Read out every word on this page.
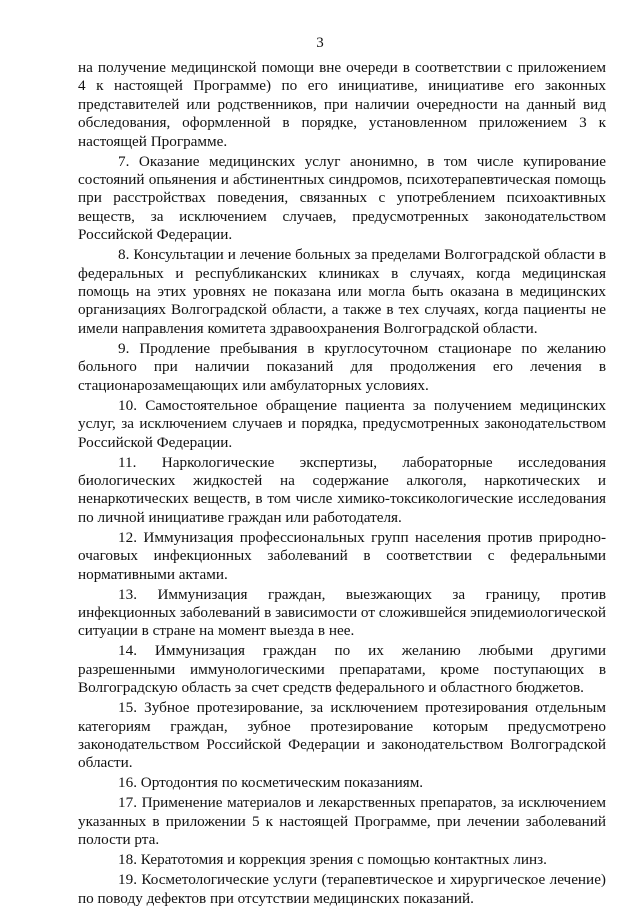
3

на получение медицинской помощи вне очереди в соответствии с приложением 4 к настоящей Программе) по его инициативе, инициативе его законных представителей или родственников, при наличии очередности на данный вид обследования, оформленной в порядке, установленном приложением 3 к настоящей Программе.

7. Оказание медицинских услуг анонимно, в том числе купирование состояний опьянения и абстинентных синдромов, психотерапевтическая помощь при расстройствах поведения, связанных с употреблением психоактивных веществ, за исключением случаев, предусмотренных законодательством Российской Федерации.

8. Консультации и лечение больных за пределами Волгоградской области в федеральных и республиканских клиниках в случаях, когда медицинская помощь на этих уровнях не показана или могла быть оказана в медицинских организациях Волгоградской области, а также в тех случаях, когда пациенты не имели направления комитета здравоохранения Волгоградской области.

9. Продление пребывания в круглосуточном стационаре по желанию больного при наличии показаний для продолжения его лечения в стационарозамещающих или амбулаторных условиях.

10. Самостоятельное обращение пациента за получением медицинских услуг, за исключением случаев и порядка, предусмотренных законодательством Российской Федерации.

11. Наркологические экспертизы, лабораторные исследования биологических жидкостей на содержание алкоголя, наркотических и ненаркотических веществ, в том числе химико-токсикологические исследования по личной инициативе граждан или работодателя.

12. Иммунизация профессиональных групп населения против природно-очаговых инфекционных заболеваний в соответствии с федеральными нормативными актами.

13. Иммунизация граждан, выезжающих за границу, против инфекционных заболеваний в зависимости от сложившейся эпидемиологической ситуации в стране на момент выезда в нее.

14. Иммунизация граждан по их желанию любыми другими разрешенными иммунологическими препаратами, кроме поступающих в Волгоградскую область за счет средств федерального и областного бюджетов.

15. Зубное протезирование, за исключением протезирования отдельным категориям граждан, зубное протезирование которым предусмотрено законодательством Российской Федерации и законодательством Волгоградской области.

16. Ортодонтия по косметическим показаниям.

17. Применение материалов и лекарственных препаратов, за исключением указанных в приложении 5 к настоящей Программе, при лечении заболеваний полости рта.

18. Кератотомия и коррекция зрения с помощью контактных линз.

19. Косметологические услуги (терапевтическое и хирургическое лечение) по поводу дефектов при отсутствии медицинских показаний.
